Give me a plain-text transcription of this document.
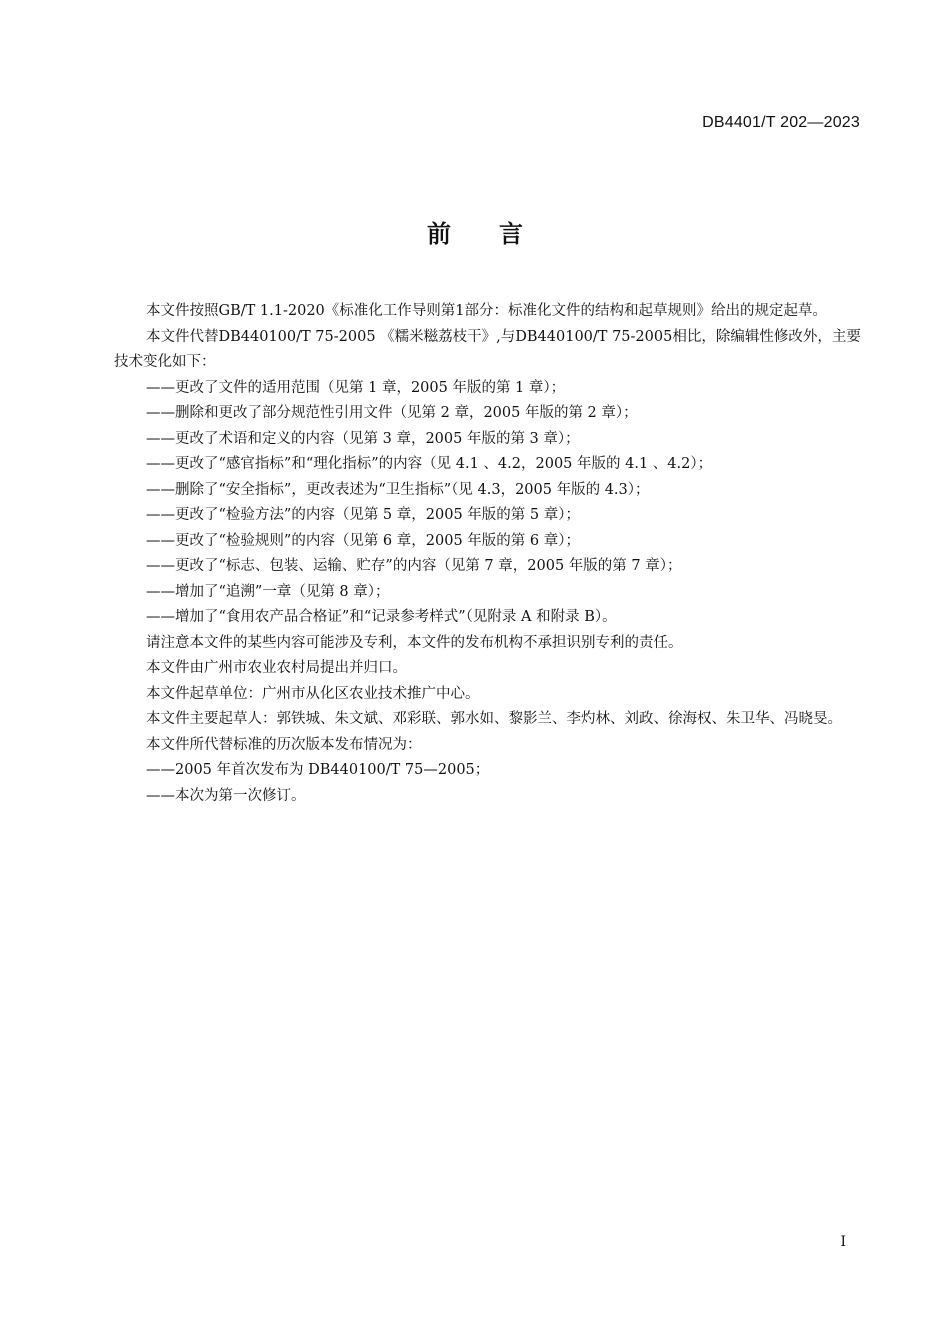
DB4401/T 202—2023
前言

本文件按照GB/T 1.1-2020《标准化工作导则第1部分：标准化文件的结构和起草规则》给出的规定起草。

本文件代替DB440100/T 75-2005 《糯米糍荔枝干》,与DB440100/T 75-2005相比，除编辑性修改外，主要技术变化如下：

——更改了文件的适用范围（见第 1 章，2005 年版的第 1 章）；

——删除和更改了部分规范性引用文件（见第 2 章，2005 年版的第 2 章）；

——更改了术语和定义的内容（见第 3 章，2005 年版的第 3 章）；

——更改了“感官指标”和“理化指标”的内容（见 4.1 、4.2，2005 年版的 4.1 、4.2）；

——删除了“安全指标”，更改表述为“卫生指标”（见 4.3，2005 年版的 4.3）；

——更改了“检验方法”的内容（见第 5 章，2005 年版的第 5 章）；

——更改了“检验规则”的内容（见第 6 章，2005 年版的第 6 章）；

——更改了“标志、包装、运输、贮存”的内容（见第 7 章，2005 年版的第 7 章）；

——增加了“追溯”一章（见第 8 章）；

——增加了“食用农产品合格证”和“记录参考样式”（见附录 A 和附录 B）。

请注意本文件的某些内容可能涉及专利，本文件的发布机构不承担识别专利的责任。

本文件由广州市农业农村局提出并归口。

本文件起草单位：广州市从化区农业技术推广中心。

本文件主要起草人：郭铁城、朱文斌、邓彩联、郭水如、黎影兰、李灼林、刘政、徐海权、朱卫华、冯晓旻。

本文件所代替标准的历次版本发布情况为：

——2005 年首次发布为 DB440100/T 75—2005；

——本次为第一次修订。

I
